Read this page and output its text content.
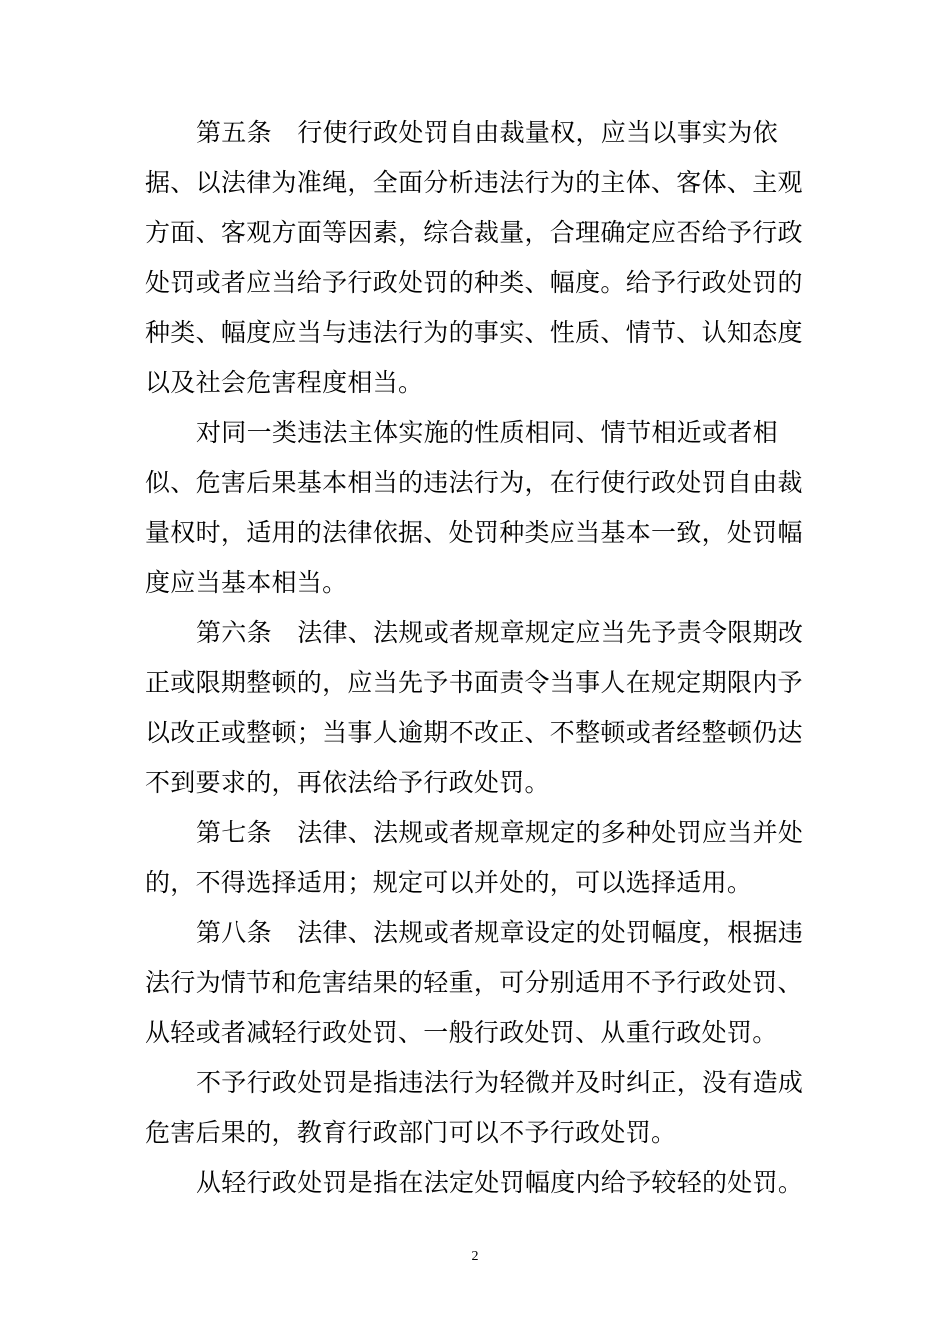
第五条　行使行政处罚自由裁量权，应当以事实为依
据、以法律为准绳，全面分析违法行为的主体、客体、主观
方面、客观方面等因素，综合裁量，合理确定应否给予行政
处罚或者应当给予行政处罚的种类、幅度。给予行政处罚的
种类、幅度应当与违法行为的事实、性质、情节、认知态度
以及社会危害程度相当。
对同一类违法主体实施的性质相同、情节相近或者相
似、危害后果基本相当的违法行为，在行使行政处罚自由裁
量权时，适用的法律依据、处罚种类应当基本一致，处罚幅
度应当基本相当。
第六条　法律、法规或者规章规定应当先予责令限期改
正或限期整顿的，应当先予书面责令当事人在规定期限内予
以改正或整顿；当事人逾期不改正、不整顿或者经整顿仍达
不到要求的，再依法给予行政处罚。
第七条　法律、法规或者规章规定的多种处罚应当并处
的，不得选择适用；规定可以并处的，可以选择适用。
第八条　法律、法规或者规章设定的处罚幅度，根据违
法行为情节和危害结果的轻重，可分别适用不予行政处罚、
从轻或者减轻行政处罚、一般行政处罚、从重行政处罚。
不予行政处罚是指违法行为轻微并及时纠正，没有造成
危害后果的，教育行政部门可以不予行政处罚。
从轻行政处罚是指在法定处罚幅度内给予较轻的处罚。
2
